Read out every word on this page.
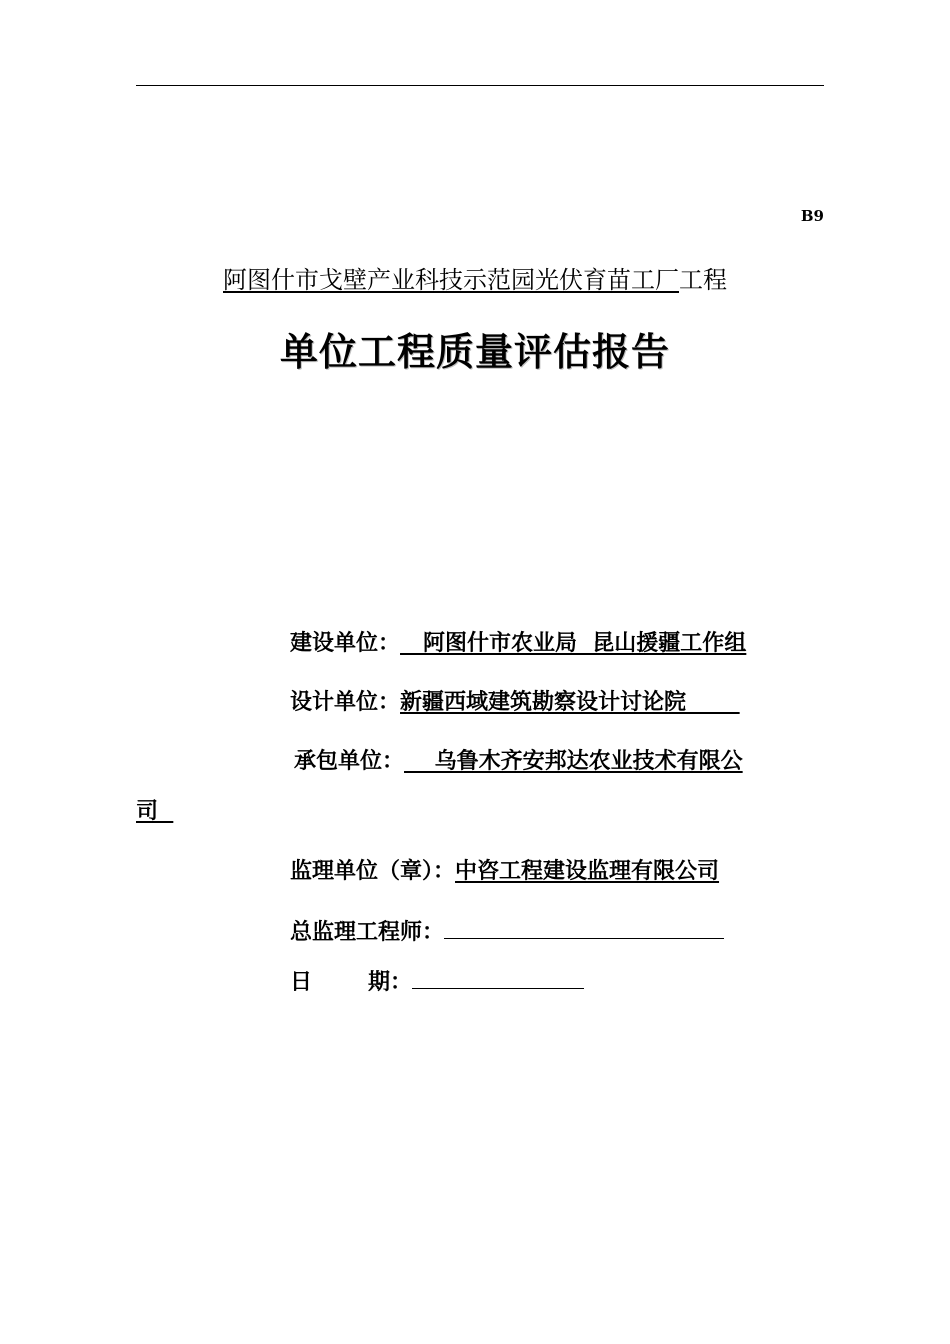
B9
阿图什市戈壁产业科技示范园光伏育苗工厂工程
单位工程质量评估报告
建设单位：   阿图什市农业局  昆山援疆工作组
设计单位：新疆西域建筑勘察设计讨论院
承包单位：    乌鲁木齐安邦达农业技术有限公
司
监理单位（章）：中咨工程建设监理有限公司
总监理工程师：
日	期：
